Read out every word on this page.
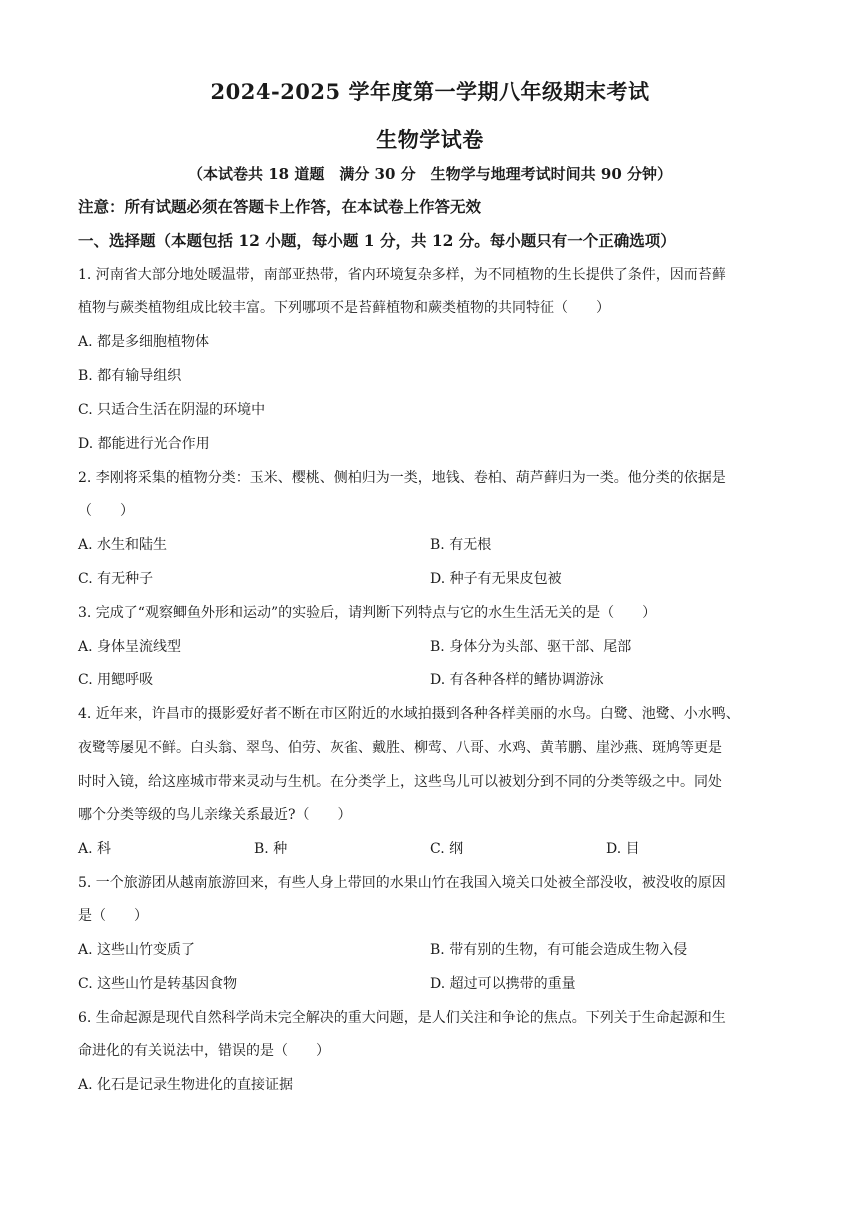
2024-2025 学年度第一学期八年级期末考试
生物学试卷
（本试卷共 18 道题　满分 30 分　生物学与地理考试时间共 90 分钟）
注意：所有试题必须在答题卡上作答，在本试卷上作答无效
一、选择题（本题包括 12 小题，每小题 1 分，共 12 分。每小题只有一个正确选项）
1. 河南省大部分地处暖温带，南部亚热带，省内环境复杂多样，为不同植物的生长提供了条件，因而苔藓
植物与蕨类植物组成比较丰富。下列哪项不是苔藓植物和蕨类植物的共同特征（　　）
A. 都是多细胞植物体
B. 都有输导组织
C. 只适合生活在阴湿的环境中
D. 都能进行光合作用
2. 李刚将采集的植物分类：玉米、樱桃、侧柏归为一类，地钱、卷柏、葫芦藓归为一类。他分类的依据是
（　　）
A. 水生和陆生	B. 有无根
C. 有无种子	D. 种子有无果皮包被
3. 完成了“观察鲫鱼外形和运动”的实验后，请判断下列特点与它的水生生活无关的是（　　）
A. 身体呈流线型	B. 身体分为头部、驱干部、尾部
C. 用鳃呼吸	D. 有各种各样的鳍协调游泳
4. 近年来，许昌市的摄影爱好者不断在市区附近的水域拍摄到各种各样美丽的水鸟。白鹭、池鹭、小水鸭、
夜鹭等屡见不鲜。白头翁、翠鸟、伯劳、灰雀、戴胜、柳莺、八哥、水鸡、黄苇鹏、崖沙燕、斑鸠等更是
时时入镜，给这座城市带来灵动与生机。在分类学上，这些鸟儿可以被划分到不同的分类等级之中。同处
哪个分类等级的鸟儿亲缘关系最近?（　　）
A. 科	B. 种	C. 纲	D. 目
5. 一个旅游团从越南旅游回来，有些人身上带回的水果山竹在我国入境关口处被全部没收，被没收的原因
是（　　）
A. 这些山竹变质了	B. 带有别的生物，有可能会造成生物入侵
C. 这些山竹是转基因食物	D. 超过可以携带的重量
6. 生命起源是现代自然科学尚未完全解决的重大问题，是人们关注和争论的焦点。下列关于生命起源和生
命进化的有关说法中，错误的是（　　）
A. 化石是记录生物进化的直接证据
